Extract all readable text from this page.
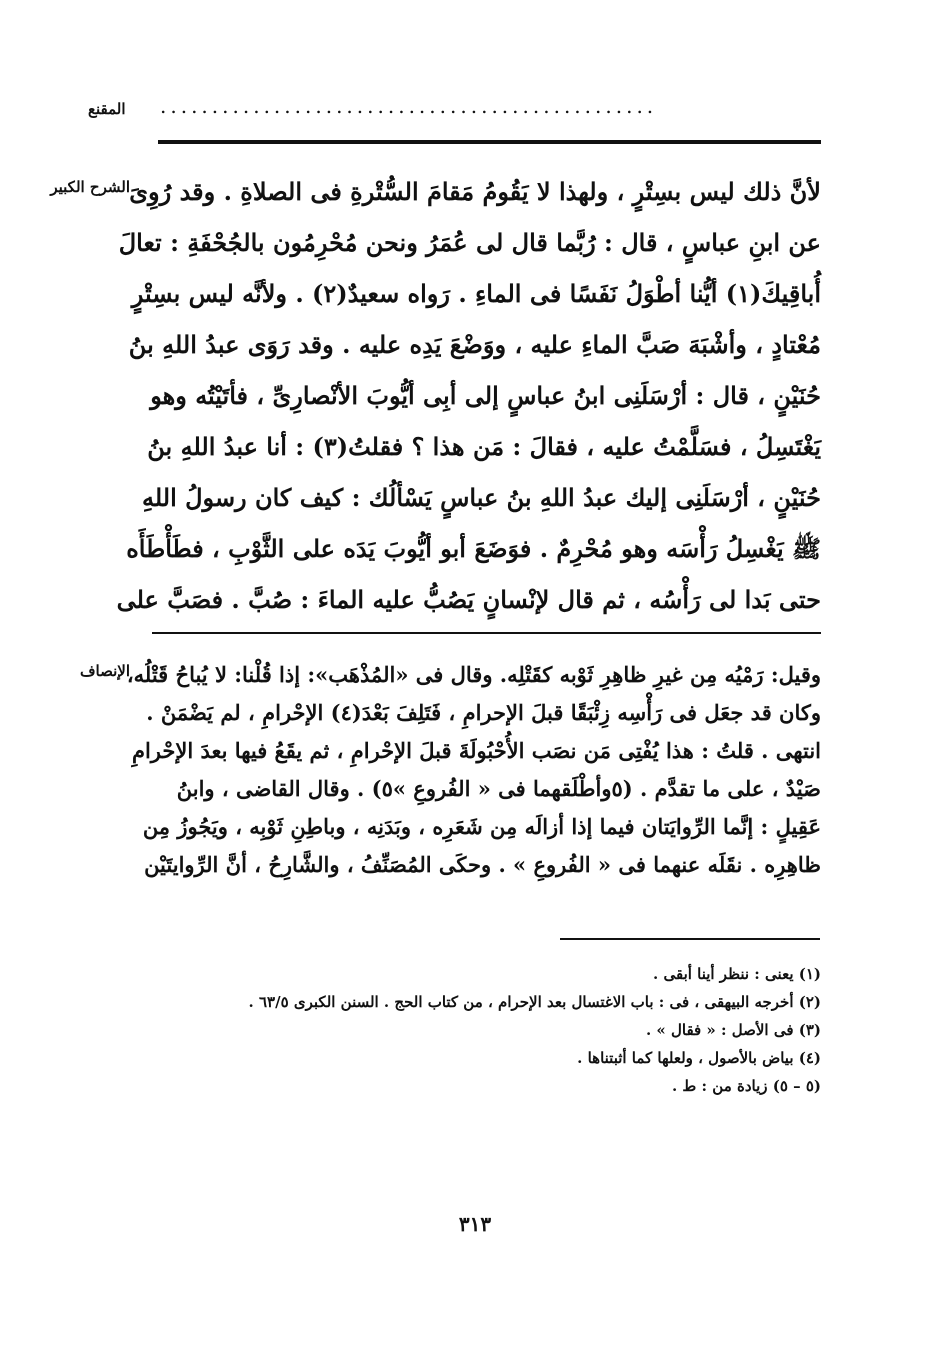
المقنع	................................................
الشرح الكبير
الإنصاف
لأنَّ ذلك ليس بسِتْرٍ ، ولهذا لا يَقُومُ مَقامَ السُّتْرةِ فى الصلاةِ . وقد رُوِىَ
عن ابنِ عباسٍ ، قال : رُبَّما قال لى عُمَرُ ونحن مُحْرِمُون بالجُحْفَةِ : تعالَ
أُباقِيكَ(١) أيُّنا أطْوَلُ نَفَسًا فى الماءِ . رَواه سعيدٌ(٢) . ولأنَّه ليس بسِتْرٍ
مُعْتادٍ ، وأشْبَهَ صَبَّ الماءِ عليه ، ووَضْعَ يَدِه عليه . وقد رَوَى عبدُ اللهِ بنُ
حُنَيْنٍ ، قال : أرْسَلَنِى ابنُ عباسٍ إلى أبِى أيُّوبَ الأنْصارِىِّ ، فأتَيْتُه وهو
يَغْتَسِلُ ، فسَلَّمْتُ عليه ، فقالَ : مَن هذا ؟ فقلتُ(٣) : أنا عبدُ اللهِ بنُ
حُنَيْنٍ ، أرْسَلَنِى إليك عبدُ اللهِ بنُ عباسٍ يَسْألُك : كيف كان رسولُ اللهِ
ﷺ يَغْسِلُ رَأْسَه وهو مُحْرِمٌ . فوَضَعَ أبو أيُّوبَ يَدَه على الثَّوْبِ ، فطَأْطَأَه
حتى بَدا لى رَأْسُه ، ثم قال لإنْسانٍ يَصُبُّ عليه الماءَ : صُبَّ . فصَبَّ على
وقيل: رَمْيُه مِن غيرِ ظاهِرِ ثَوْبه كقَتْلِه. وقال فى «المُذْهَب»: إذا قُلْنا: لا يُباحُ قَتْلُه،
وكان قد جعَل فى رَأْسِه زِئْبَقًا قبلَ الإحرامِ ، فَتَلِفَ بَعْدَ(٤) الإحْرامِ ، لم يَضْمَنْ .
انتهى . قلتُ : هذا يُفْتِى مَن نصَب الأُحْبُولَةَ قبلَ الإحْرامِ ، ثم يقَعُ فيها بعدَ الإحْرامِ
صَيْدٌ ، على ما تقدَّم . (٥وأطْلَقهما فى « الفُروعِ »٥) . وقال القاضى ، وابنُ
عَقِيلٍ : إنَّما الرِّوايَتان فيما إذا أزالَه مِن شَعَرِه ، وبَدَنِه ، وباطِنِ ثَوْبِه ، ويَجُوزُ مِن
ظاهِرِه . نقَلَه عنهما فى « الفُروعِ » . وحكَى المُصَنِّفُ ، والشَّارِحُ ، أنَّ الرِّوايتَيْن
(١) يعنى : ننظر أينا أبقى .
(٢) أخرجه البيهقى ، فى : باب الاغتسال بعد الإحرام ، من كتاب الحج . السنن الكبرى ٦٣/٥ .
(٣) فى الأصل : « فقال » .
(٤) بياض بالأصول ، ولعلها كما أثبتناها .
(٥ – ٥) زيادة من : ط .
٣١٣
